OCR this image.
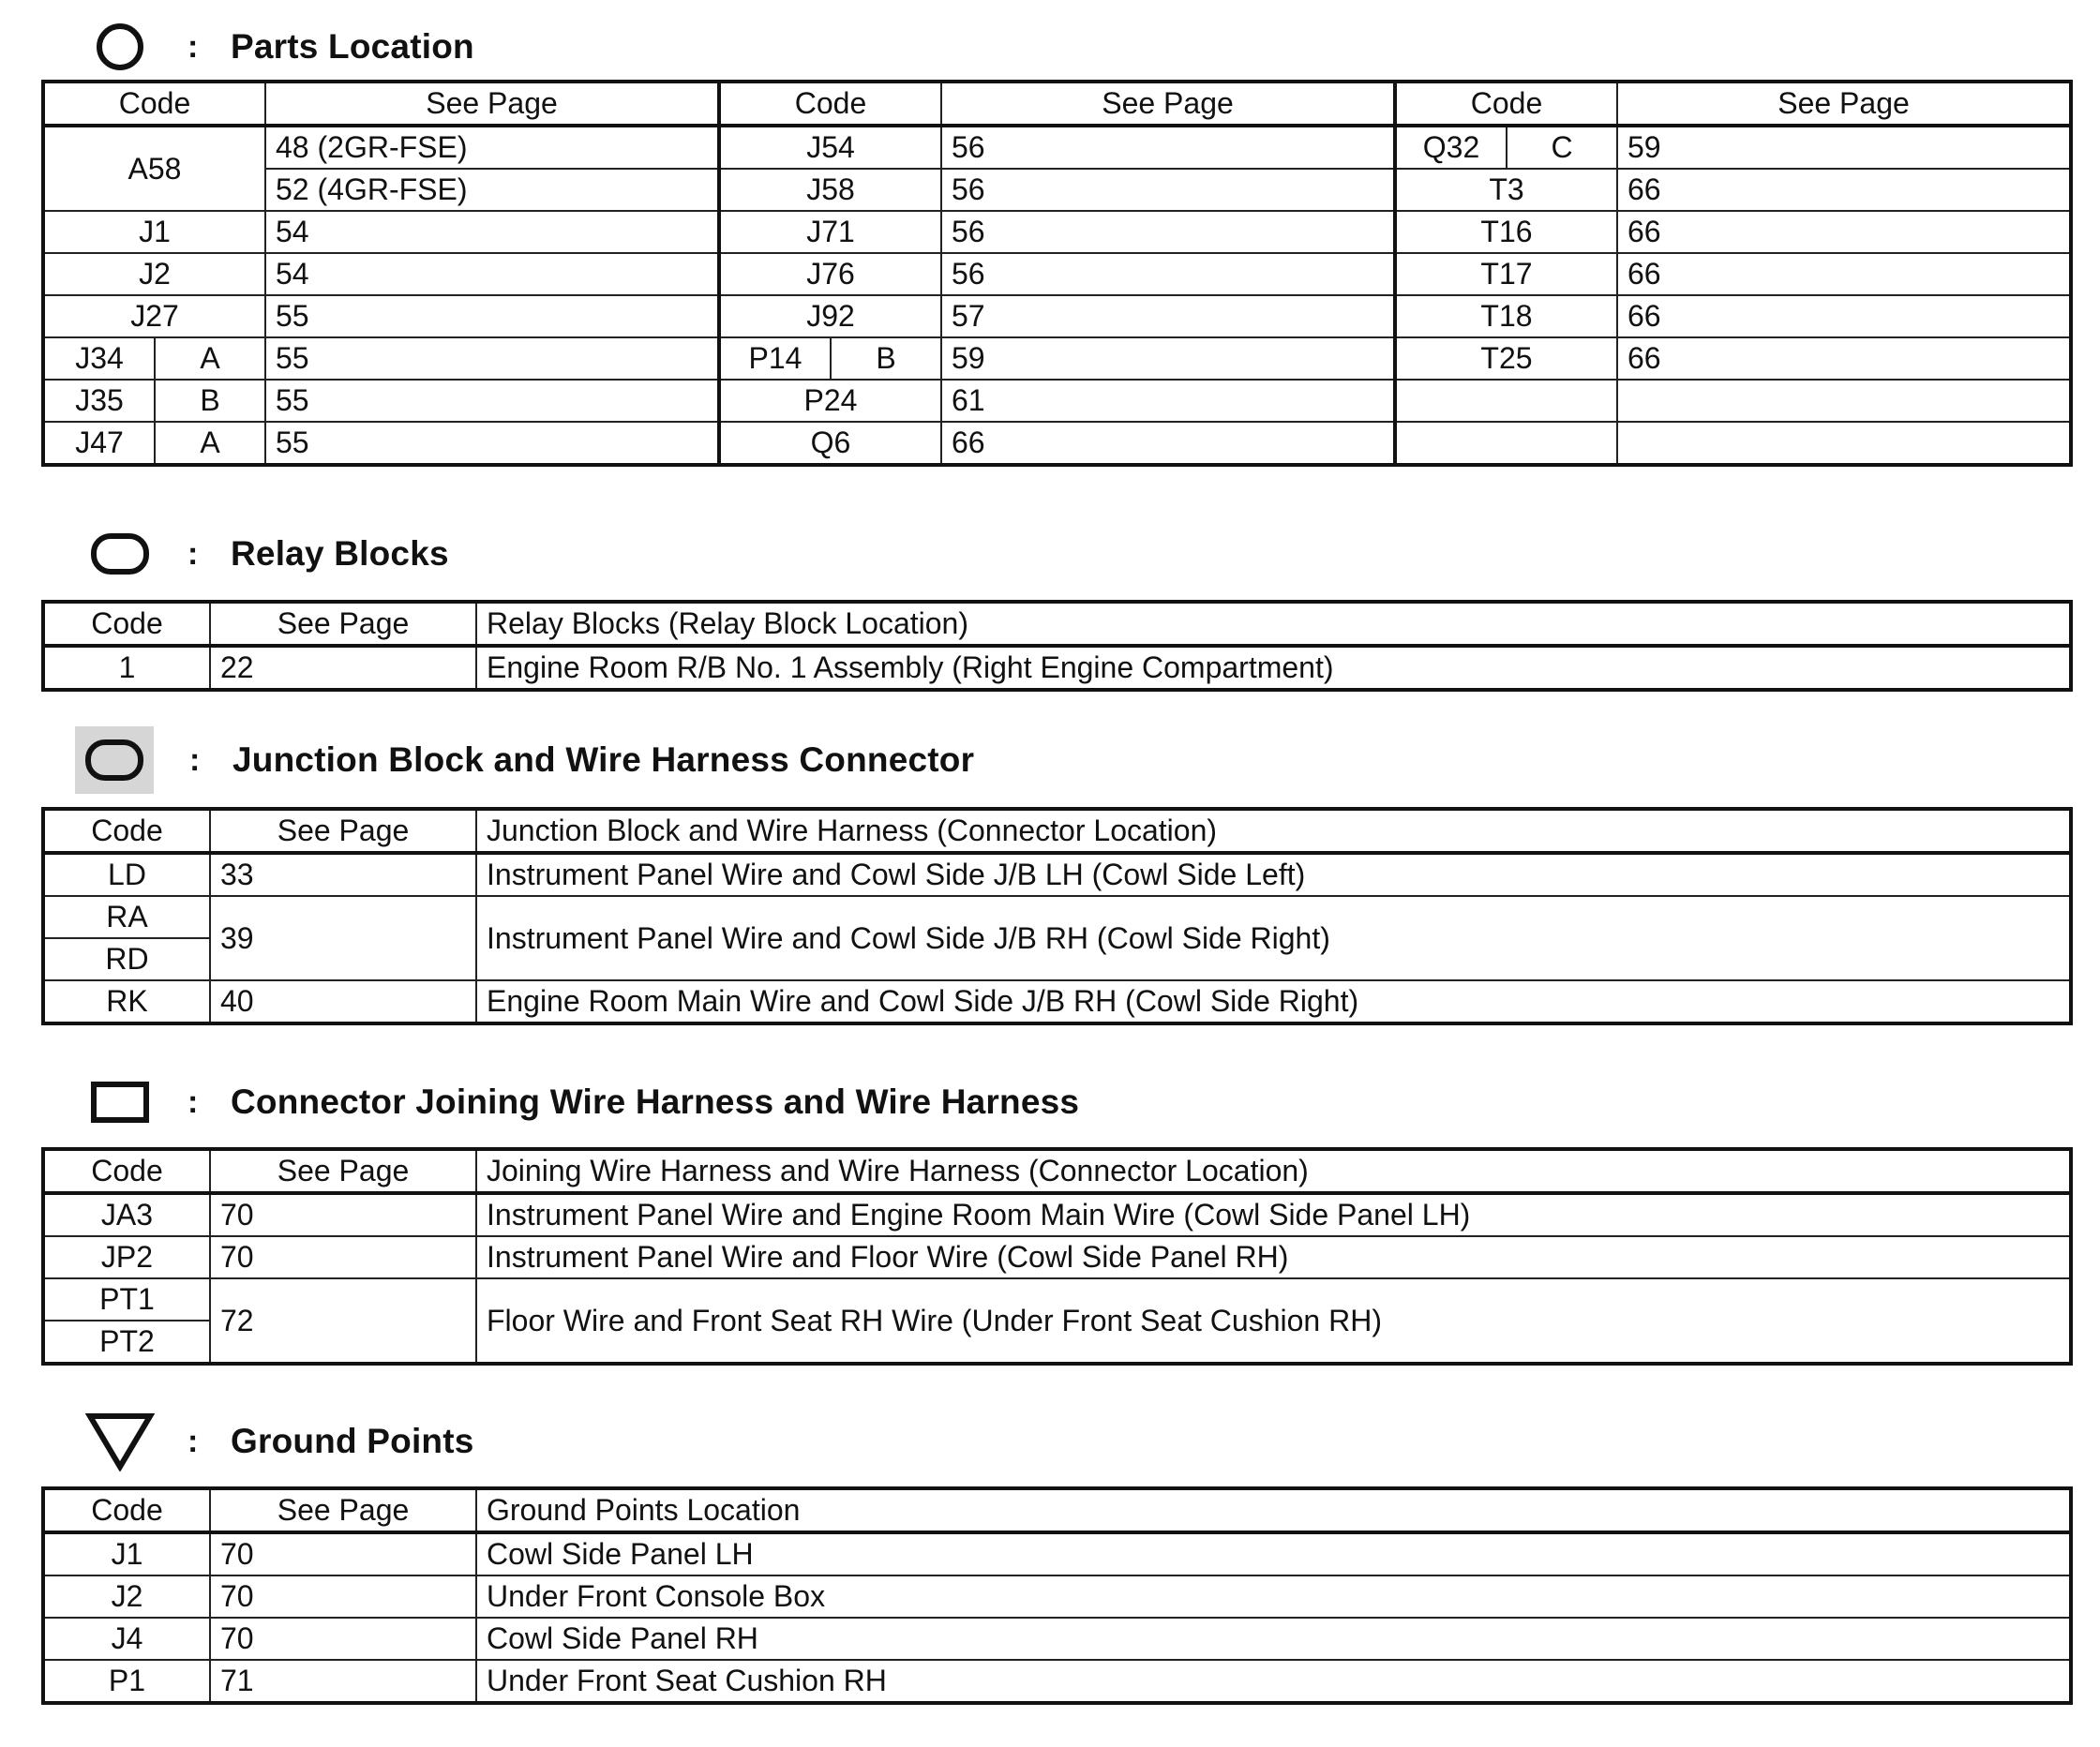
: Parts Location
Code		See Page	Code		See Page	Code		See Page
A58		48 (2GR-FSE)	J54		56	Q32	C	59
		52 (4GR-FSE)	J58		56	T3		66
J1		54	J71		56	T16		66
J2		54	J76		56	T17		66
J27		55	J92		57	T18		66
J34	A	55	P14	B	59	T25		66
J35	B	55	P24		61			
J47	A	55	Q6		66			
: Relay Blocks
Code	See Page	Relay Blocks (Relay Block Location)
1	22	Engine Room R/B No. 1 Assembly (Right Engine Compartment)
: Junction Block and Wire Harness Connector
Code	See Page	Junction Block and Wire Harness (Connector Location)
LD	33	Instrument Panel Wire and Cowl Side J/B LH (Cowl Side Left)
RA	39	Instrument Panel Wire and Cowl Side J/B RH (Cowl Side Right)
RD		
RK	40	Engine Room Main Wire and Cowl Side J/B RH (Cowl Side Right)
: Connector Joining Wire Harness and Wire Harness
Code	See Page	Joining Wire Harness and Wire Harness (Connector Location)
JA3	70	Instrument Panel Wire and Engine Room Main Wire (Cowl Side Panel LH)
JP2	70	Instrument Panel Wire and Floor Wire (Cowl Side Panel RH)
PT1	72	Floor Wire and Front Seat RH Wire (Under Front Seat Cushion RH)
PT2		
: Ground Points
Code	See Page	Ground Points Location
J1	70	Cowl Side Panel LH
J2	70	Under Front Console Box
J4	70	Cowl Side Panel RH
P1	71	Under Front Seat Cushion RH
